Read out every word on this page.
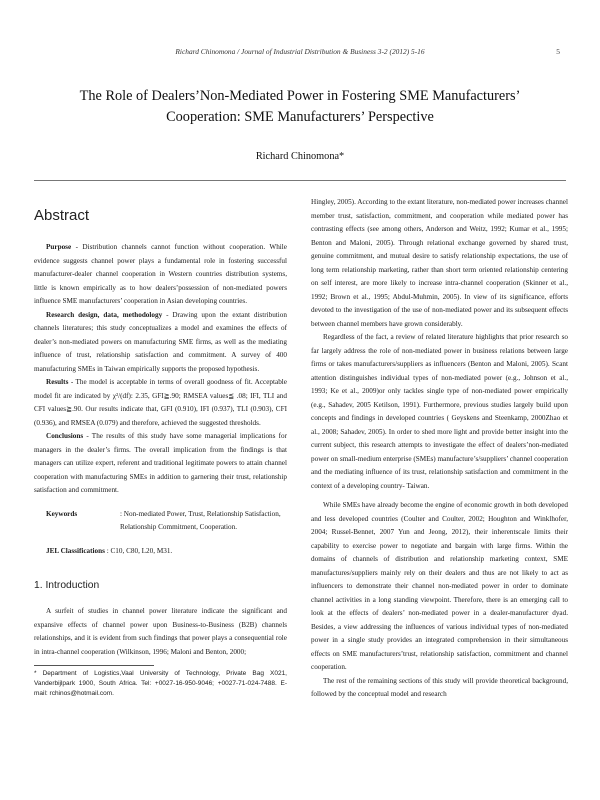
Richard Chinomona / Journal of Industrial Distribution & Business 3-2 (2012) 5-16	5
The Role of Dealers’Non-Mediated Power in Fostering SME Manufacturers’
Cooperation: SME Manufacturers’ Perspective
Richard Chinomona*
Abstract

Purpose - Distribution channels cannot function without cooperation. While evidence suggests channel power plays a fundamental role in fostering successful manufacturer-dealer channel cooperation in Western countries distribution systems, little is known empirically as to how dealers’possession of non-mediated powers influence SME manufacturers’ cooperation in Asian developing countries.

Research design, data, methodology - Drawing upon the extant distribution channels literatures; this study conceptualizes a model and examines the effects of dealer’s non-mediated powers on manufacturing SME firms, as well as the mediating influence of trust, relationship satisfaction and commitment. A survey of 400 manufacturing SMEs in Taiwan empirically supports the proposed hypothesis.

Results - The model is acceptable in terms of overall goodness of fit. Acceptable model fit are indicated by χ²/(df): 2.35, GFI≧.90; RMSEA values≦ .08; IFI, TLI and CFI values≧.90. Our results indicate that, GFI (0.910), IFI (0.937), TLI (0.903), CFI (0.936), and RMSEA (0.079) and therefore, achieved the suggested thresholds.

Conclusions - The results of this study have some managerial implications for managers in the dealer’s firms. The overall implication from the findings is that managers can utilize expert, referent and traditional legitimate powers to attain channel cooperation with manufacturing SMEs in addition to garnering their trust, relationship satisfaction and commitment.

Keywords	: Non-mediated Power, Trust, Relationship Satisfaction, Relationship Commitment, Cooperation.
JEL Classifications : C10, C80, L20, M31.
1. Introduction

A surfeit of studies in channel power literature indicate the significant and expansive effects of channel power upon Business-to-Business (B2B) channels relationships, and it is evident from such findings that power plays a consequential role in intra-channel cooperation (Wilkinson, 1996; Maloni and Benton, 2000;

* Department of Logistics,Vaal University of Technology, Private Bag X021, Vanderbijlpark 1900, South Africa. Tel: +0027-16-950-9046; +0027-71-024-7488. E-mail: rchinos@hotmail.com.

Hingley, 2005). According to the extant literature, non-mediated power increases channel member trust, satisfaction, commitment, and cooperation while mediated power has contrasting effects (see among others, Anderson and Weitz, 1992; Kumar et al., 1995; Benton and Maloni, 2005). Through relational exchange governed by shared trust, genuine commitment, and mutual desire to satisfy relationship expectations, the use of long term relationship marketing, rather than short term oriented relationship centering on self interest, are more likely to increase intra-channel cooperation (Skinner et al., 1992; Brown et al., 1995; Abdul-Muhmin, 2005). In view of its significance, efforts devoted to the investigation of the use of non-mediated power and its subsequent effects between channel members have grown considerably.

Regardless of the fact, a review of related literature highlights that prior research so far largely address the role of non-mediated power in business relations between large firms or takes manufacturers/suppliers as influencers (Benton and Maloni, 2005). Scant attention distinguishes individual types of non-mediated power (e.g., Johnson et al., 1993; Ke et al., 2009)or only tackles single type of non-mediated power empirically (e.g., Sahadev, 2005 Ketilson, 1991). Furthermore, previous studies largely build upon concepts and findings in developed countries ( Geyskens and Steenkamp, 2000Zhao et al., 2008; Sahadev, 2005). In order to shed more light and provide better insight into the current subject, this research attempts to investigate the effect of dealers’non-mediated power on small-medium enterprise (SMEs) manufacture’s/suppliers’ channel cooperation and the mediating influence of its trust, relationship satisfaction and commitment in the context of a developing country- Taiwan.

While SMEs have already become the engine of economic growth in both developed and less developed countries (Coulter and Coulter, 2002; Houghton and Winklhofer, 2004; Russel-Bennet, 2007 Yun and Jeong, 2012), their inherentscale limits their capability to exercise power to negotiate and bargain with large firms. Within the domains of channels of distribution and relationship marketing context, SME manufactures/suppliers mainly rely on their dealers and thus are not likely to act as influencers to demonstrate their channel non-mediated power in order to dominate channel activities in a long standing viewpoint. Therefore, there is an emerging call to look at the effects of dealers’ non-mediated power in a dealer-manufacturer dyad. Besides, a view addressing the influences of various individual types of non-mediated power in a single study provides an integrated comprehension in their simultaneous effects on SME manufacturers’trust, relationship satisfaction, commitment and channel cooperation.

The rest of the remaining sections of this study will provide theoretical background, followed by the conceptual model and research
